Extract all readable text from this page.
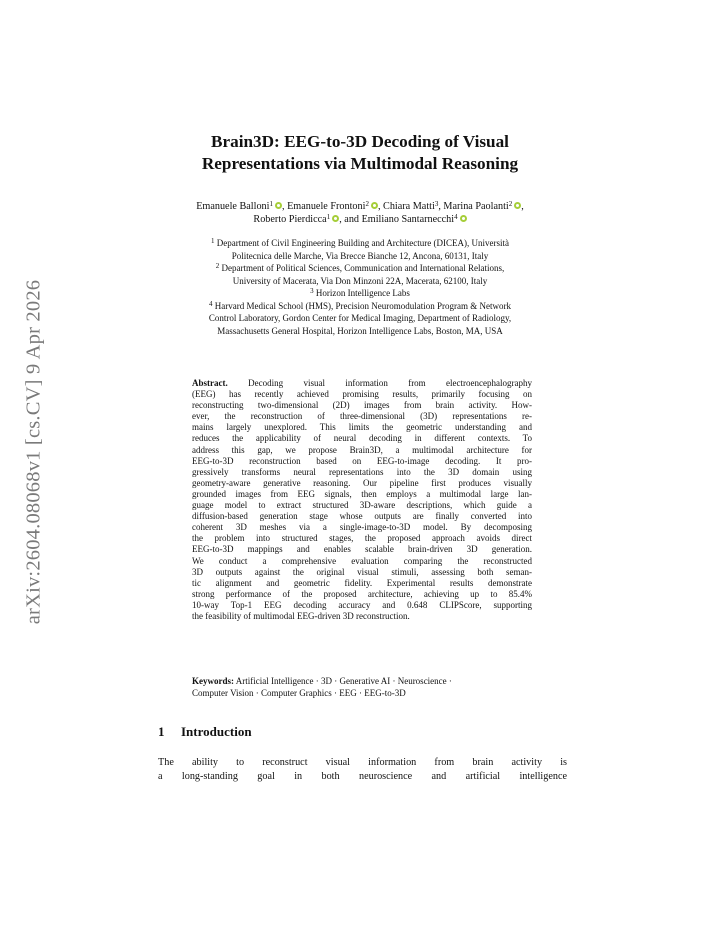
arXiv:2604.08068v1 [cs.CV] 9 Apr 2026
Brain3D: EEG-to-3D Decoding of Visual
Representations via Multimodal Reasoning
Emanuele Balloni$^1$ , Emanuele Frontoni$^2$ , Chiara Matti$^3$, Marina Paolanti$^2$ ,
Roberto Pierdicca$^1$ , and Emiliano Santarnecchi$^4$
$^1$ Department of Civil Engineering Building and Architecture (DICEA), Università
Politecnica delle Marche, Via Brecce Bianche 12, Ancona, 60131, Italy
$^2$ Department of Political Sciences, Communication and International Relations,
University of Macerata, Via Don Minzoni 22A, Macerata, 62100, Italy
$^3$ Horizon Intelligence Labs
$^4$ Harvard Medical School (HMS), Precision Neuromodulation Program & Network
Control Laboratory, Gordon Center for Medical Imaging, Department of Radiology,
Massachusetts General Hospital, Horizon Intelligence Labs, Boston, MA, USA
Abstract. Decoding visual information from electroencephalography
(EEG) has recently achieved promising results, primarily focusing on
reconstructing two-dimensional (2D) images from brain activity. How-
ever, the reconstruction of three-dimensional (3D) representations re-
mains largely unexplored. This limits the geometric understanding and
reduces the applicability of neural decoding in different contexts. To
address this gap, we propose Brain3D, a multimodal architecture for
EEG-to-3D reconstruction based on EEG-to-image decoding. It pro-
gressively transforms neural representations into the 3D domain using
geometry-aware generative reasoning. Our pipeline first produces visually
grounded images from EEG signals, then employs a multimodal large lan-
guage model to extract structured 3D-aware descriptions, which guide a
diffusion-based generation stage whose outputs are finally converted into
coherent 3D meshes via a single-image-to-3D model. By decomposing
the problem into structured stages, the proposed approach avoids direct
EEG-to-3D mappings and enables scalable brain-driven 3D generation.
We conduct a comprehensive evaluation comparing the reconstructed
3D outputs against the original visual stimuli, assessing both seman-
tic alignment and geometric fidelity. Experimental results demonstrate
strong performance of the proposed architecture, achieving up to 85.4%
10-way Top-1 EEG decoding accuracy and 0.648 CLIPScore, supporting
the feasibility of multimodal EEG-driven 3D reconstruction.
Keywords: Artificial Intelligence · 3D · Generative AI · Neuroscience ·
Computer Vision · Computer Graphics · EEG · EEG-to-3D
1 Introduction
The ability to reconstruct visual information from brain activity is
a long-standing goal in both neuroscience and artificial intelligence
